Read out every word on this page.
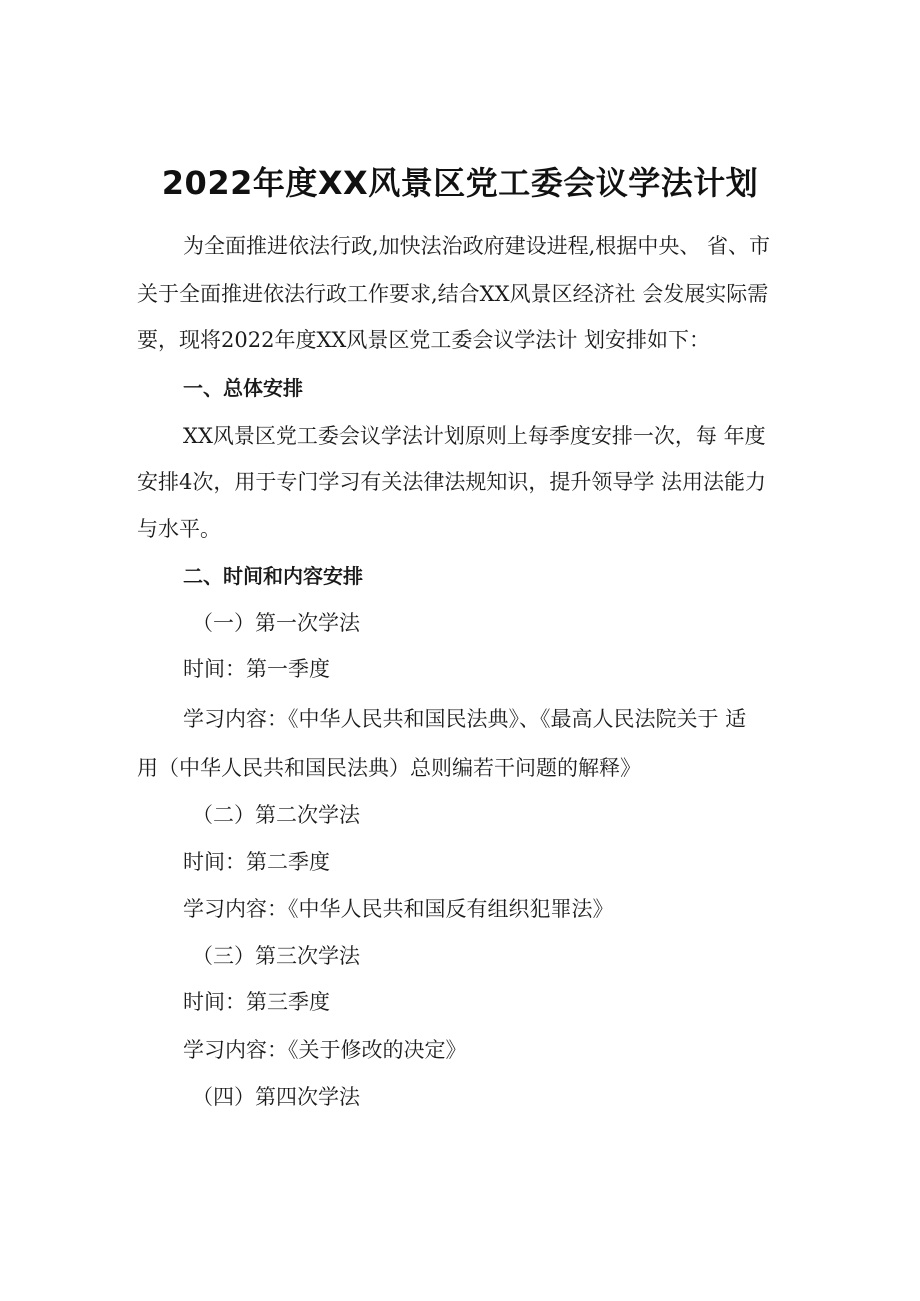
2022年度XX风景区党工委会议学法计划
为全面推进依法行政,加快法治政府建设进程,根据中央、 省、市
关于全面推进依法行政工作要求,结合XX风景区经济社 会发展实际需
要，现将2022年度XX风景区党工委会议学法计 划安排如下：
一、总体安排
XX风景区党工委会议学法计划原则上每季度安排一次，每 年度
安排4次，用于专门学习有关法律法规知识，提升领导学 法用法能力
与水平。
二、时间和内容安排
（一）第一次学法
时间：第一季度
学习内容：《中华人民共和国民法典》、《最高人民法院关于 适
用（中华人民共和国民法典）总则编若干问题的解释》
（二）第二次学法
时间：第二季度
学习内容：《中华人民共和国反有组织犯罪法》
（三）第三次学法
时间：第三季度
学习内容：《关于修改的决定》
（四）第四次学法
